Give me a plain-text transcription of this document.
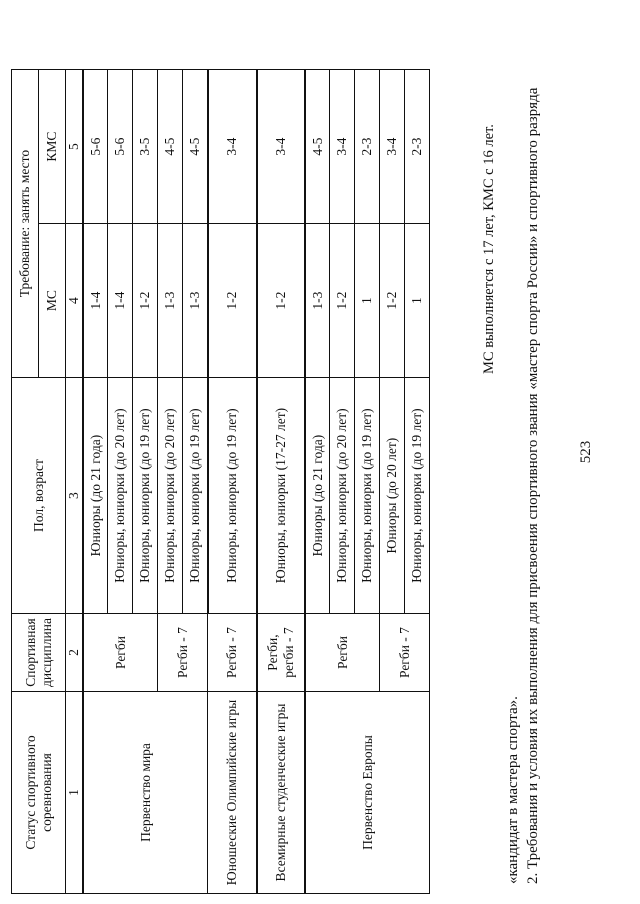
523
2. Требования и условия их выполнения для присвоения спортивного звания «мастер спорта России» и спортивного разряда
«кандидат в мастера спорта».
МС выполняется с 17 лет, КМС с 16 лет.
Статус спортивного соревнования	Спортивная дисциплина	Пол, возраст	Требование: занять место	
			МС	КМС
1	2	3	4	5
Первенство мира	Регби	Юниоры (до 21 года)	1-4	5-6
		Юниоры, юниорки (до 20 лет)	1-4	5-6
		Юниоры, юниорки (до 19 лет)	1-2	3-5
	Регби - 7	Юниоры, юниорки (до 20 лет)	1-3	4-5
		Юниоры, юниорки (до 19 лет)	1-3	4-5
Юношеские Олимпийские игры	Регби - 7	Юниоры, юниорки (до 19 лет)	1-2	3-4
Всемирные студенческие игры	Регби, регби - 7	Юниоры, юниорки (17-27 лет)	1-2	3-4
Первенство Европы	Регби	Юниоры (до 21 года)	1-3	4-5
		Юниоры, юниорки (до 20 лет)	1-2	3-4
		Юниоры, юниорки (до 19 лет)	1	2-3
	Регби - 7	Юниоры (до 20 лет)	1-2	3-4
		Юниоры, юниорки (до 19 лет)	1	2-3
